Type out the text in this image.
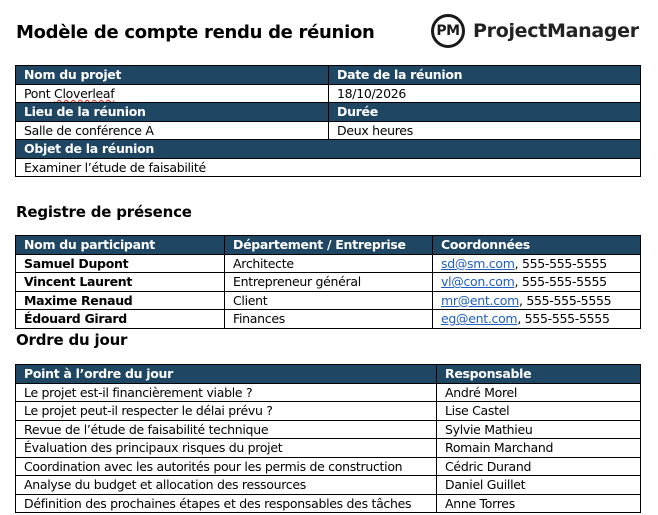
Modèle de compte rendu de réunion	PM ProjectManager
Nom du projet	Date de la réunion
Pont Cloverleaf	18/10/2026
Lieu de la réunion	Durée
Salle de conférence A	Deux heures
Objet de la réunion	
Examiner l’étude de faisabilité	
Registre de présence
Nom du participant	Département / Entreprise	Coordonnées
Samuel Dupont	Architecte	sd@sm.com, 555-555-5555
Vincent Laurent	Entrepreneur général	vl@con.com, 555-555-5555
Maxime Renaud	Client	mr@ent.com, 555-555-5555
Édouard Girard	Finances	eg@ent.com, 555-555-5555
Ordre du jour
Point à l’ordre du jour	Responsable
Le projet est-il financièrement viable ?	André Morel
Le projet peut-il respecter le délai prévu ?	Lise Castel
Revue de l’étude de faisabilité technique	Sylvie Mathieu
Évaluation des principaux risques du projet	Romain Marchand
Coordination avec les autorités pour les permis de construction	Cédric Durand
Analyse du budget et allocation des ressources	Daniel Guillet
Définition des prochaines étapes et des responsables des tâches	Anne Torres
